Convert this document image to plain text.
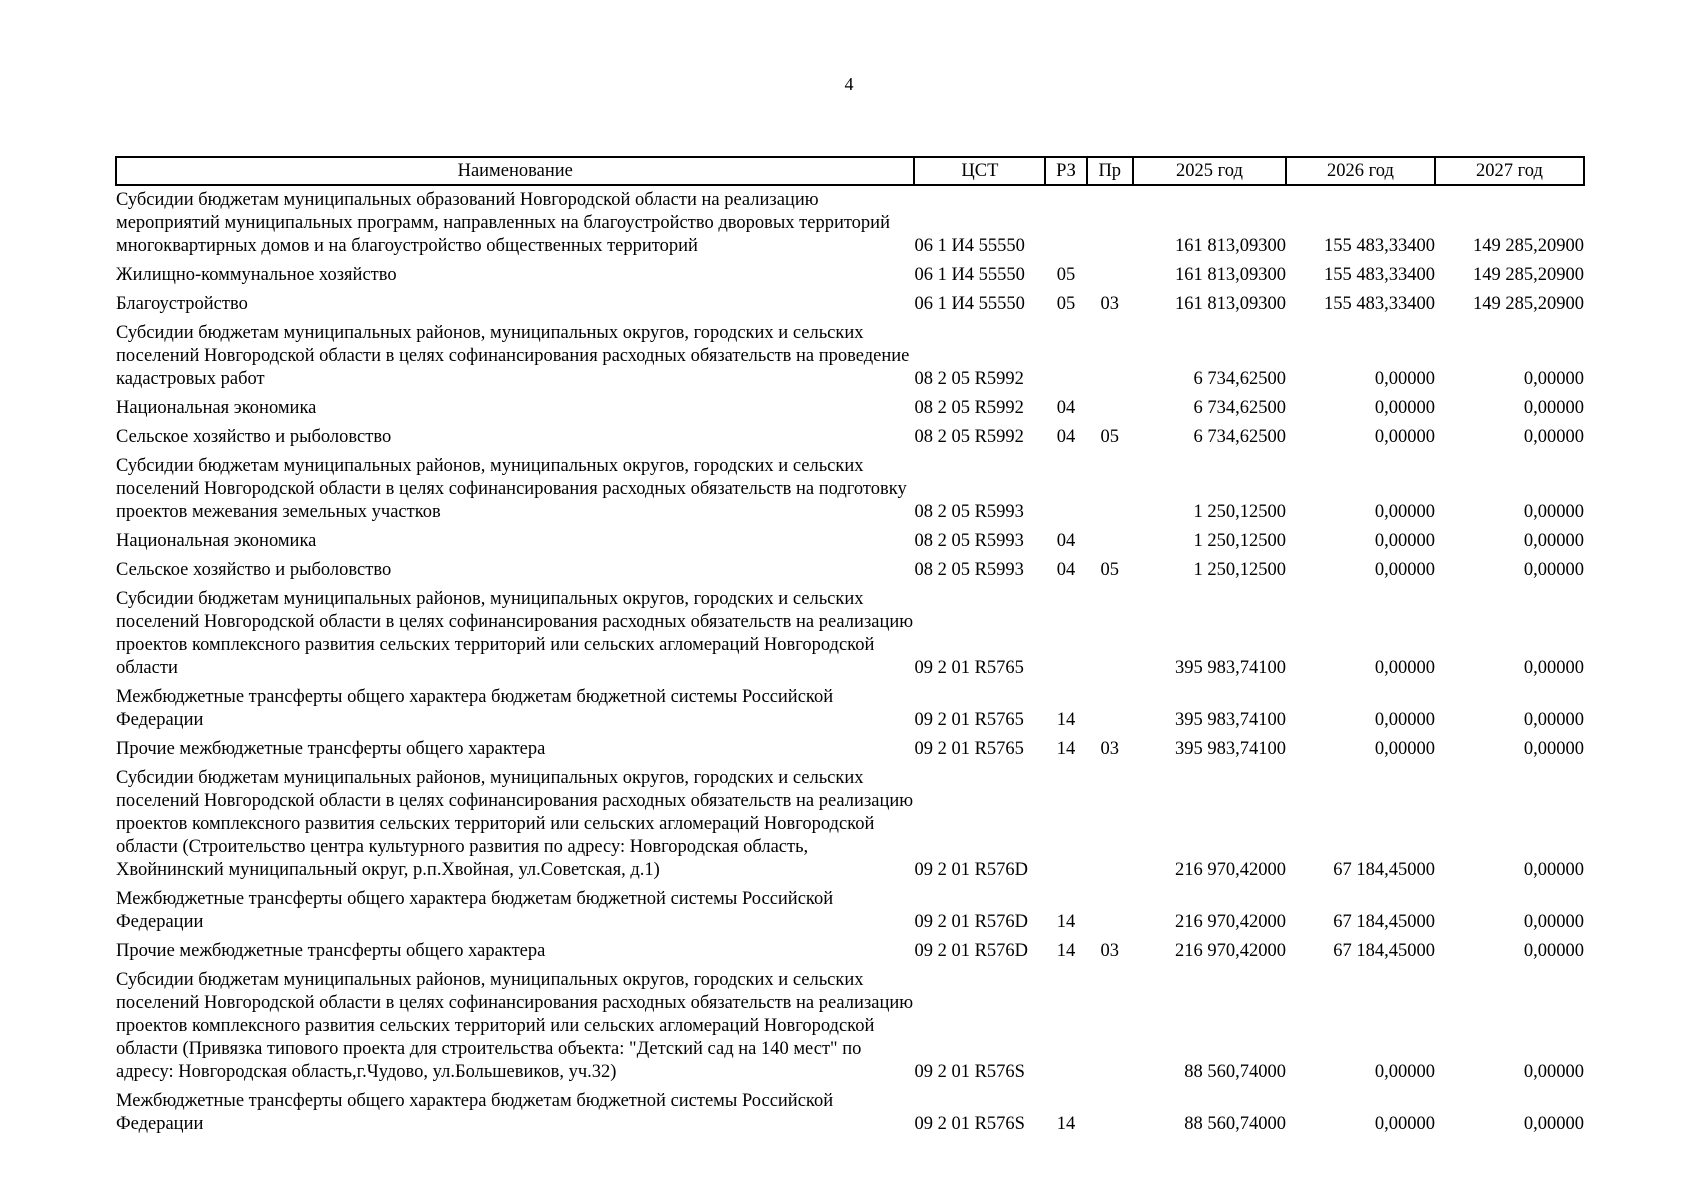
4
Наименование	ЦСТ	РЗ	Пр	2025 год	2026 год	2027 год
Субсидии бюджетам муниципальных образований Новгородской области на реализацию мероприятий муниципальных программ, направленных на благоустройство дворовых территорий многоквартирных домов и на благоустройство общественных территорий	06 1 И4 55550			161 813,09300	155 483,33400	149 285,20900
Жилищно-коммунальное хозяйство	06 1 И4 55550	05		161 813,09300	155 483,33400	149 285,20900
Благоустройство	06 1 И4 55550	05	03	161 813,09300	155 483,33400	149 285,20900
Субсидии бюджетам муниципальных районов, муниципальных округов, городских и сельских поселений Новгородской области в целях софинансирования расходных обязательств на проведение кадастровых работ	08 2 05 R5992			6 734,62500	0,00000	0,00000
Национальная экономика	08 2 05 R5992	04		6 734,62500	0,00000	0,00000
Сельское хозяйство и рыболовство	08 2 05 R5992	04	05	6 734,62500	0,00000	0,00000
Субсидии бюджетам муниципальных районов, муниципальных округов, городских и сельских поселений Новгородской области в целях софинансирования расходных обязательств на подготовку проектов межевания земельных участков	08 2 05 R5993			1 250,12500	0,00000	0,00000
Национальная экономика	08 2 05 R5993	04		1 250,12500	0,00000	0,00000
Сельское хозяйство и рыболовство	08 2 05 R5993	04	05	1 250,12500	0,00000	0,00000
Субсидии бюджетам муниципальных районов, муниципальных округов, городских и сельских поселений Новгородской области в целях софинансирования расходных обязательств на реализацию проектов комплексного развития сельских территорий или сельских агломераций Новгородской области	09 2 01 R5765			395 983,74100	0,00000	0,00000
Межбюджетные трансферты общего характера бюджетам бюджетной системы Российской Федерации	09 2 01 R5765	14		395 983,74100	0,00000	0,00000
Прочие межбюджетные трансферты общего характера	09 2 01 R5765	14	03	395 983,74100	0,00000	0,00000
Субсидии бюджетам муниципальных районов, муниципальных округов, городских и сельских поселений Новгородской области в целях софинансирования расходных обязательств на реализацию проектов комплексного развития сельских территорий или сельских агломераций Новгородской области (Строительство центра культурного развития по адресу: Новгородская область, Хвойнинский муниципальный округ, р.п.Хвойная, ул.Советская, д.1)	09 2 01 R576D			216 970,42000	67 184,45000	0,00000
Межбюджетные трансферты общего характера бюджетам бюджетной системы Российской Федерации	09 2 01 R576D	14		216 970,42000	67 184,45000	0,00000
Прочие межбюджетные трансферты общего характера	09 2 01 R576D	14	03	216 970,42000	67 184,45000	0,00000
Субсидии бюджетам муниципальных районов, муниципальных округов, городских и сельских поселений Новгородской области в целях софинансирования расходных обязательств на реализацию проектов комплексного развития сельских территорий или сельских агломераций Новгородской области (Привязка типового проекта для строительства объекта: "Детский сад на 140 мест" по адресу: Новгородская область,г.Чудово, ул.Большевиков, уч.32)	09 2 01 R576S			88 560,74000	0,00000	0,00000
Межбюджетные трансферты общего характера бюджетам бюджетной системы Российской Федерации	09 2 01 R576S	14		88 560,74000	0,00000	0,00000
